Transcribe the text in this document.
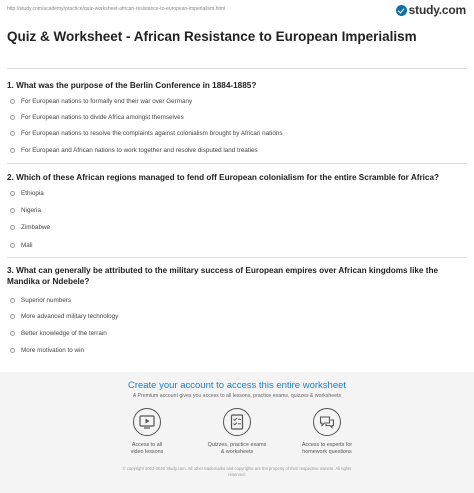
http://study.com/academy/practice/quiz-worksheet-african-resistance-to-european-imperialism.html	study.com
Quiz & Worksheet - African Resistance to European Imperialism
1. What was the purpose of the Berlin Conference in 1884-1885?
For European nations to formally end their war over Germany
For European nations to divide Africa amongst themselves
For European nations to resolve the complaints against colonialism brought by African nations
For European and African nations to work together and resolve disputed land treaties
2. Which of these African regions managed to fend off European colonialism for the entire Scramble for Africa?
Ethiopia
Nigeria
Zimbabwe
Mali
3. What can generally be attributed to the military success of European empires over African kingdoms like the Mandika or Ndebele?
Superior numbers
More advanced military technology
Better knowledge of the terrain
More motivation to win
Create your account to access this entire worksheet
A Premium account gives you access to all lessons, practice exams, quizzes & worksheets
Access to all
video lessons
Quizzes, practice exams
& worksheets
Access to experts for
homework questions
© copyright 2003-2020 Study.com. All other trademarks and copyrights are the property of their respective owners. All rights
reserved.
